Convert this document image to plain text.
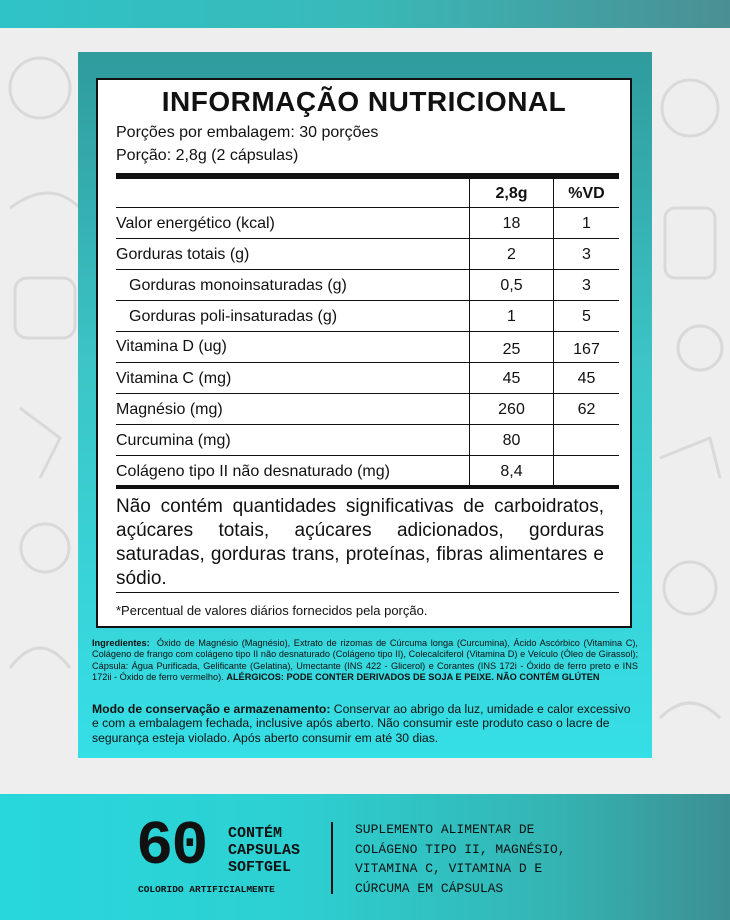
INFORMAÇÃO NUTRICIONAL
Porções por embalagem: 30 porções
Porção: 2,8g (2 cápsulas)
2,8g	%VD
Valor energético (kcal)	18	1
Gorduras totais (g)	2	3
Gorduras monoinsaturadas (g)	0,5	3
Gorduras poli-insaturadas (g)	1	5
Vitamina D (ug)	25	167
Vitamina C (mg)	45	45
Magnésio (mg)	260	62
Curcumina (mg)	80
Colágeno tipo II não desnaturado (mg)	8,4
Não contém quantidades significativas de carboidratos, açúcares totais, açúcares adicionados, gorduras saturadas, gorduras trans, proteínas, fibras alimentares e sódio.
*Percentual de valores diários fornecidos pela porção.
Ingredientes: Óxido de Magnésio (Magnésio), Extrato de rizomas de Cúrcuma longa (Curcumina), Ácido Ascórbico (Vitamina C), Colágeno de frango com colágeno tipo II não desnaturado (Colágeno tipo II), Colecalciferol (Vitamina D) e Veículo (Óleo de Girassol); Cápsula: Água Purificada, Gelificante (Gelatina), Umectante (INS 422 - Glicerol) e Corantes (INS 172i - Óxido de ferro preto e INS 172ii - Óxido de ferro vermelho). ALÉRGICOS: PODE CONTER DERIVADOS DE SOJA E PEIXE. NÃO CONTÉM GLÚTEN
Modo de conservação e armazenamento: Conservar ao abrigo da luz, umidade e calor excessivo e com a embalagem fechada, inclusive após aberto. Não consumir este produto caso o lacre de segurança esteja violado. Após aberto consumir em até 30 dias.
60 CONTÉM
CAPSULAS
SOFTGEL
COLORIDO ARTIFICIALMENTE
SUPLEMENTO ALIMENTAR DE
COLÁGENO TIPO II, MAGNÉSIO,
VITAMINA C, VITAMINA D E
CÚRCUMA EM CÁPSULAS
